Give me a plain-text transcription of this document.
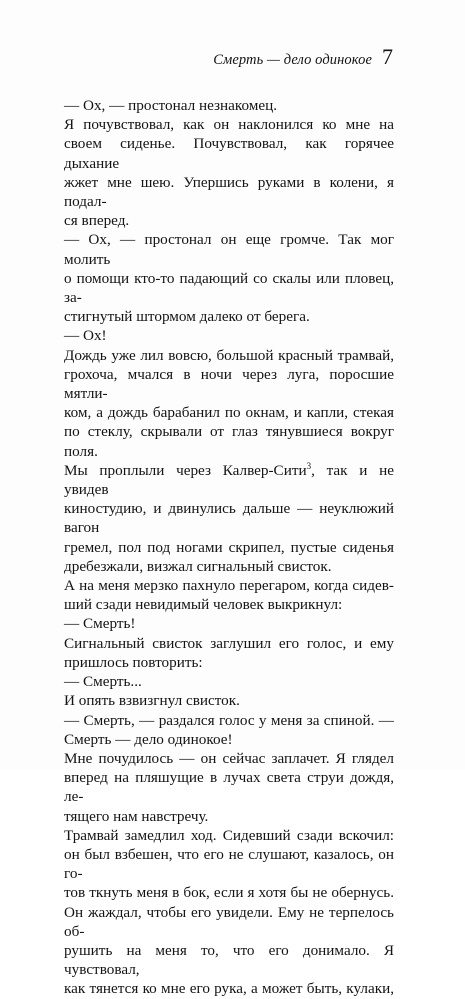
Смерть — дело одинокое 7
— Ох, — простонал незнакомец.
Я почувствовал, как он наклонился ко мне на
своем сиденье. Почувствовал, как горячее дыхание
жжет мне шею. Упершись руками в колени, я подал-
ся вперед.
— Ох, — простонал он еще громче. Так мог молить
о помощи кто-то падающий со скалы или пловец, за-
стигнутый штормом далеко от берега.
— Ох!
Дождь уже лил вовсю, большой красный трамвай,
грохоча, мчался в ночи через луга, поросшие мятли-
ком, а дождь барабанил по окнам, и капли, стекая
по стеклу, скрывали от глаз тянувшиеся вокруг поля.
Мы проплыли через Калвер-Сити$^3$, так и не увидев
киностудию, и двинулись дальше — неуклюжий вагон
гремел, пол под ногами скрипел, пустые сиденья
дребезжали, визжал сигнальный свисток.
А на меня мерзко пахнуло перегаром, когда сидев-
ший сзади невидимый человек выкрикнул:
— Смерть!
Сигнальный свисток заглушил его голос, и ему
пришлось повторить:
— Смерть...
И опять взвизгнул свисток.
— Смерть, — раздался голос у меня за спиной. —
Смерть — дело одинокое!
Мне почудилось — он сейчас заплачет. Я глядел
вперед на пляшущие в лучах света струи дождя, ле-
тящего нам навстречу.
Трамвай замедлил ход. Сидевший сзади вскочил:
он был взбешен, что его не слушают, казалось, он го-
тов ткнуть меня в бок, если я хотя бы не обернусь.
Он жаждал, чтобы его увидели. Ему не терпелось об-
рушить на меня то, что его донимало. Я чувствовал,
как тянется ко мне его рука, а может быть, кулаки,
